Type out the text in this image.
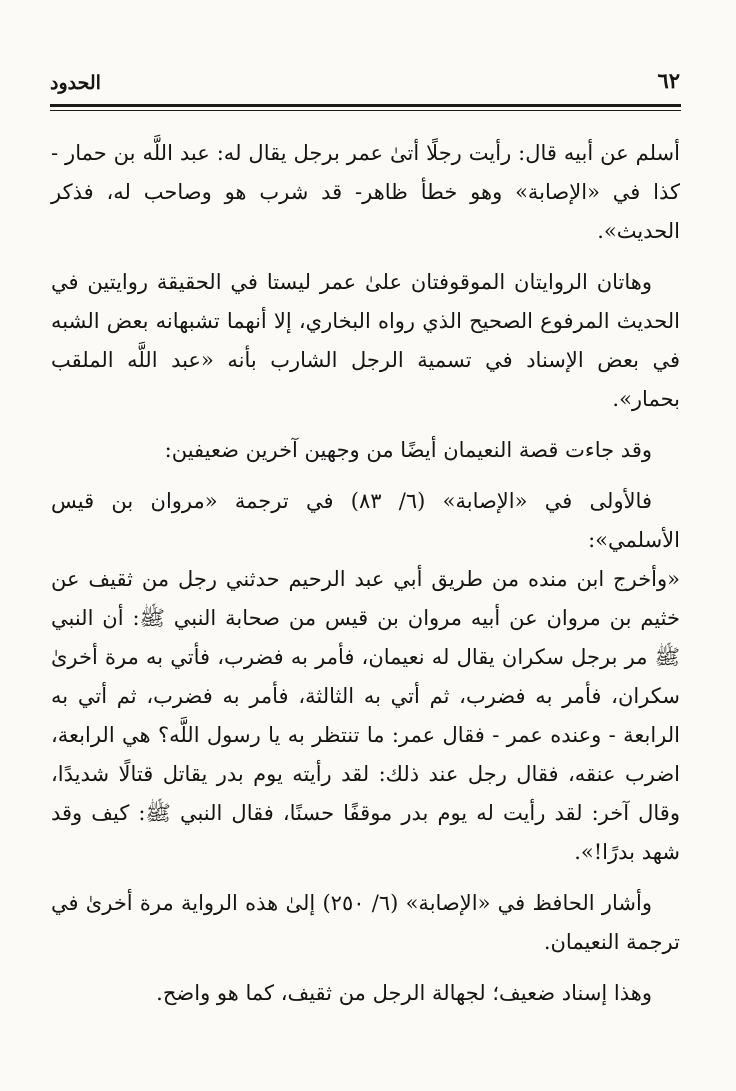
الحدود	٦٢

أسلم عن أبيه قال: رأيت رجلًا أتىٰ عمر برجل يقال له: عبد اللَّه بن حمار - كذا في «الإصابة» وهو خطأ ظاهر- قد شرب هو وصاحب له، فذكر الحديث».

وهاتان الروايتان الموقوفتان علىٰ عمر ليستا في الحقيقة روايتين في الحديث المرفوع الصحيح الذي رواه البخاري، إلا أنهما تشبهانه بعض الشبه في بعض الإسناد في تسمية الرجل الشارب بأنه «عبد اللَّه الملقب بحمار».

وقد جاءت قصة النعيمان أيضًا من وجهين آخرين ضعيفين:

فالأولى في «الإصابة» (٦/ ٨٣) في ترجمة «مروان بن قيس الأسلمي»:

«وأخرج ابن منده من طريق أبي عبد الرحيم حدثني رجل من ثقيف عن خثيم بن مروان عن أبيه مروان بن قيس من صحابة النبي ﷺ: أن النبي ﷺ مر برجل سكران يقال له نعيمان، فأمر به فضرب، فأتي به مرة أخرىٰ سكران، فأمر به فضرب، ثم أتي به الثالثة، فأمر به فضرب، ثم أتي به الرابعة - وعنده عمر - فقال عمر: ما تنتظر به يا رسول اللَّه؟ هي الرابعة، اضرب عنقه، فقال رجل عند ذلك: لقد رأيته يوم بدر يقاتل قتالًا شديدًا، وقال آخر: لقد رأيت له يوم بدر موقفًا حسنًا، فقال النبي ﷺ: كيف وقد شهد بدرًا!».

وأشار الحافظ في «الإصابة» (٦/ ٢٥٠) إلىٰ هذه الرواية مرة أخرىٰ في ترجمة النعيمان.

وهذا إسناد ضعيف؛ لجهالة الرجل من ثقيف، كما هو واضح.
